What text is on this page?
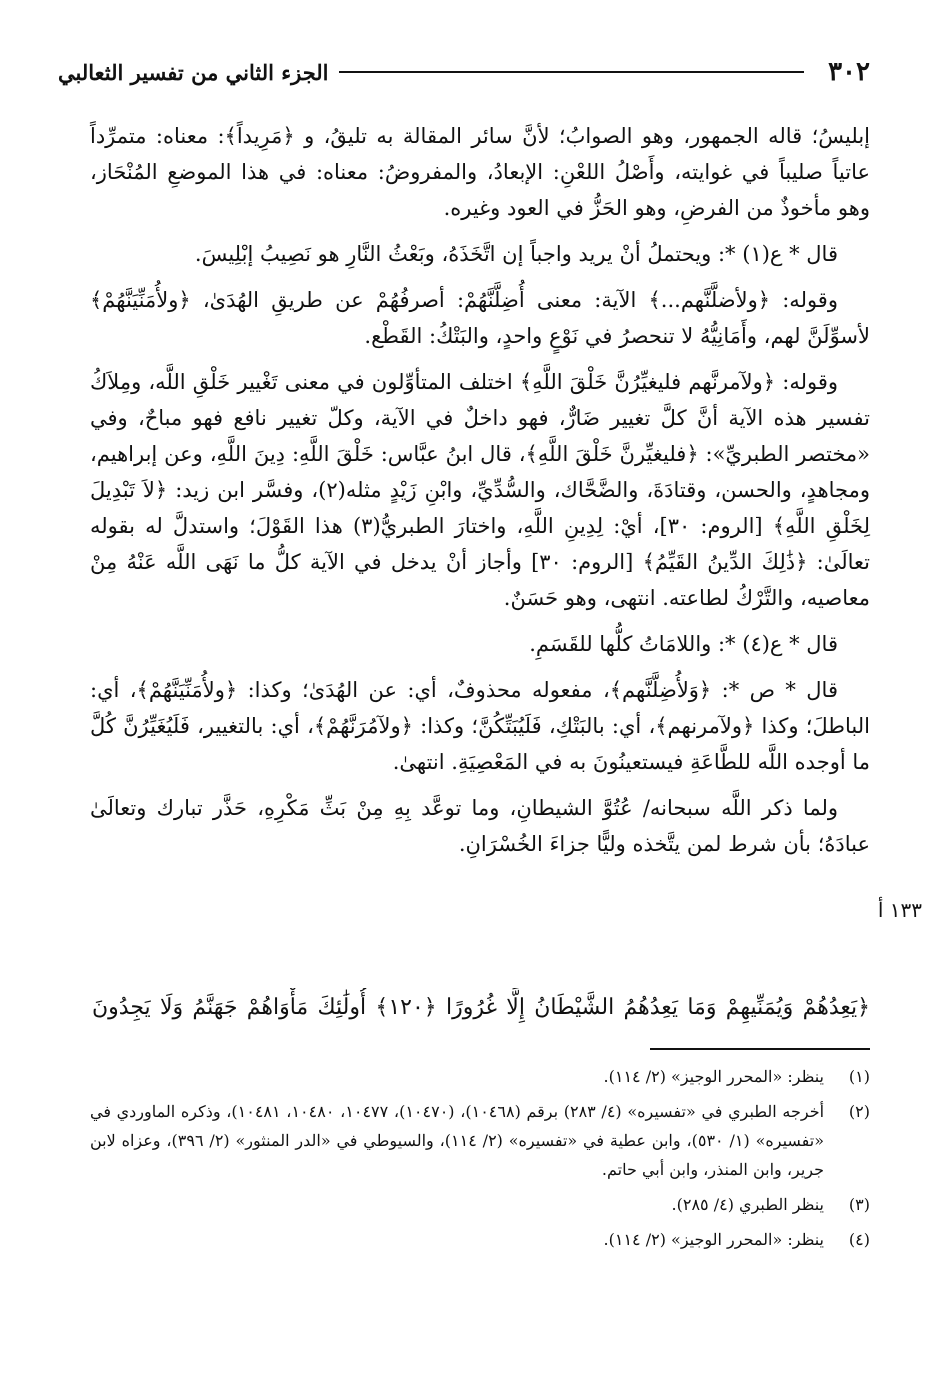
٣٠٢
الجزء الثاني من تفسير الثعالبي

إبليسُ؛ قاله الجمهور، وهو الصوابُ؛ لأنَّ سائر المقالة به تليقُ، و ﴿مَرِيداً﴾: معناه: متمرِّداً عاتياً صليباً في غوايته، وأَصْلُ اللعْنِ: الإبعادُ، والمفروضُ: معناه: في هذا الموضعِ المُنْحَاز، وهو مأخوذٌ من الفرضِ، وهو الحَزُّ في العود وغيره.

قال * ع(١) *: ويحتملُ أنْ يريد واجباً إن اتَّخَذَهُ، وبَعْثُ النَّارِ هو نَصِيبُ إبْلِيسَ.

وقوله: ﴿ولأضلَّنَّهم...﴾ الآية: معنى أُضِلَّنَّهُمْ: أصرفُهُمْ عن طريقِ الهُدَىٰ، ﴿ولأُمَنِّيَنَّهُمْ﴾ لأسوِّلَنَّ لهم، وأَمَانِيُّهُ لا تنحصرُ في نَوْعٍ واحدٍ، والبَتْكُ: القَطْع.

وقوله: ﴿ولآمرنَّهم فليغيِّرُنَّ خَلْقَ اللَّهِ﴾ اختلف المتأوِّلون في معنى تَغْيير خَلْقِ اللَّه، ومِلاَكُ تفسير هذه الآية أنَّ كلَّ تغيير ضَارٌّ، فهو داخلٌ في الآية، وكلّ تغيير نافع فهو مباحٌ، وفي «مختصر الطبريِّ»: ﴿فليغيِّرنَّ خَلْقَ اللَّهِ﴾، قال ابنُ عبَّاس: خَلْقَ اللَّهِ: دِينَ اللَّهِ، وعن إبراهيم، ومجاهدٍ، والحسن، وقتادَةَ، والضَّحَّاك، والسُّدِّيِّ، وابْنِ زَيْدٍ مثله(٢)، وفسَّر ابن زيد: ﴿لاَ تَبْدِيلَ لِخَلْقِ اللَّهِ﴾ [الروم: ٣٠]، أيْ: لِدِينِ اللَّهِ، واختارَ الطبريُّ(٣) هذا القَوْلَ؛ واستدلَّ له بقوله تعالَىٰ: ﴿ذَٰلِكَ الدِّينُ القَيِّمُ﴾ [الروم: ٣٠] وأجاز أنْ يدخل في الآية كلُّ ما نَهَى اللَّه عَنْهُ مِنْ معاصيه، والتَّرْكُ لطاعته. انتهى، وهو حَسَنٌ.

قال * ع(٤) *: واللامَاتُ كلُّها للقَسَمِ.

قال * ص *: ﴿وَلأُضِلَّنَّهم﴾، مفعوله محذوفٌ، أي: عن الهُدَىٰ؛ وكذا: ﴿ولأُمَنِّيَنَّهُمْ﴾، أي: الباطلَ؛ وكذا ﴿ولآمرنهم﴾، أي: بالبَتْكِ، فَلَيُبَتِّكُنَّ؛ وكذا: ﴿ولآمُرَنَّهُمْ﴾، أي: بالتغيير، فَلَيُغَيِّرُنَّ كُلَّ ما أوجده اللَّه للطَّاعَةِ فيستعينُونَ به في المَعْصِيَةِ. انتهىٰ.

ولما ذكر اللَّه سبحانه/ عُتُوَّ الشيطانِ، وما توعَّد بِهِ مِنْ بَثِّ مَكْرِهِ، حَذَّر تبارك وتعالَىٰ عبادَهُ؛ بأن شرط لمن يتَّخذه وليًّا جزاءَ الخُسْرَانِ.

١٣٣ أ
﴿يَعِدُهُمْ وَيُمَنِّيهِمْ وَمَا يَعِدُهُمُ الشَّيْطَانُ إِلَّا غُرُورًا ﴿١٢٠﴾ أُولَٰئِكَ مَأْوَاهُمْ جَهَنَّمُ وَلَا يَجِدُونَ
(١)
ينظر: «المحرر الوجيز» (٢/ ١١٤).
(٢)
أخرجه الطبري في «تفسيره» (٤/ ٢٨٣) برقم (١٠٤٦٨)، (١٠٤٧٠)، ١٠٤٧٧، ١٠٤٨٠، ١٠٤٨١)، وذكره الماوردي في «تفسيره» (١/ ٥٣٠)، وابن عطية في «تفسيره» (٢/ ١١٤)، والسيوطي في «الدر المنثور» (٢/ ٣٩٦)، وعزاه لابن جرير، وابن المنذر، وابن أبي حاتم.
(٣)
ينظر الطبري (٤/ ٢٨٥).
(٤)
ينظر: «المحرر الوجيز» (٢/ ١١٤).
